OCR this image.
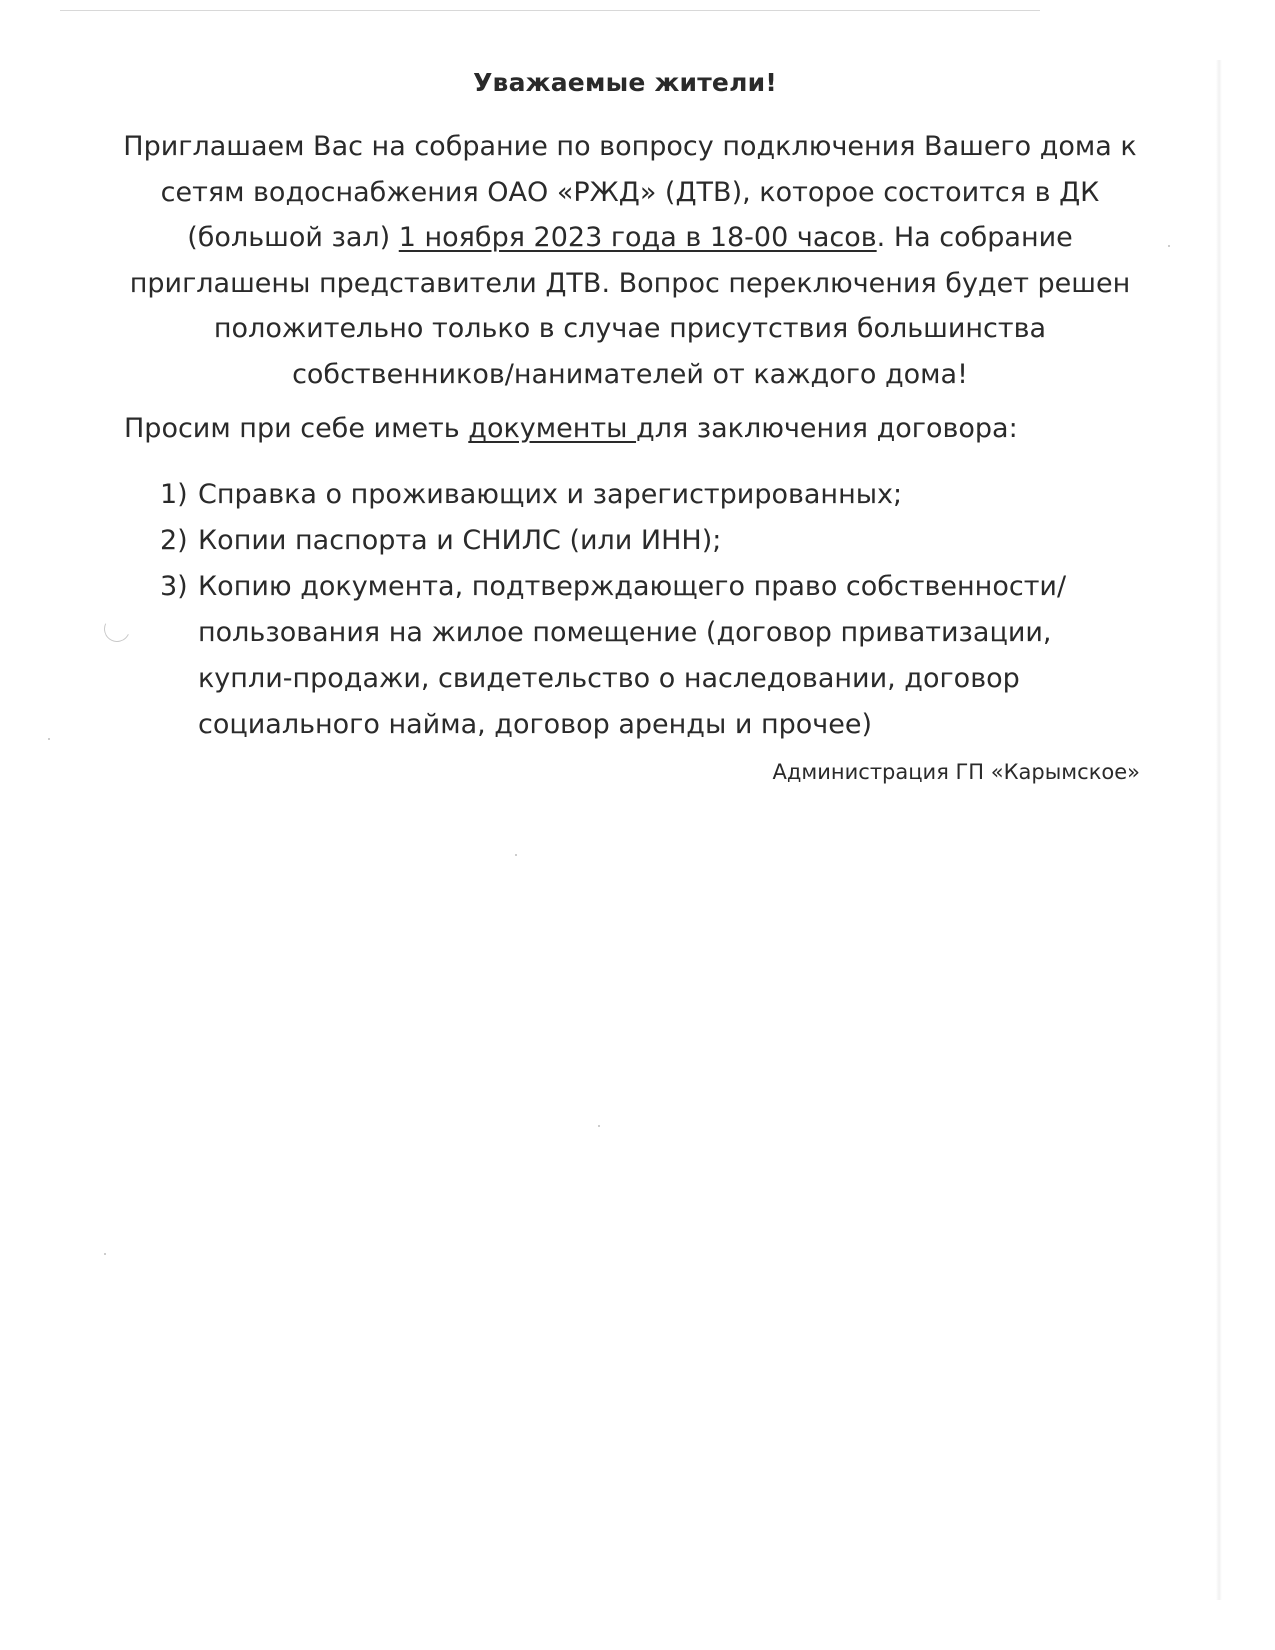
Уважаемые жители!
Приглашаем Вас на собрание по вопросу подключения Вашего дома к сетям водоснабжения ОАО «РЖД» (ДТВ), которое состоится в ДК (большой зал) 1 ноября 2023 года в 18-00 часов. На собрание приглашены представители ДТВ. Вопрос переключения будет решен положительно только в случае присутствия большинства собственников/нанимателей от каждого дома!
Просим при себе иметь документы для заключения договора:
1) Справка о проживающих и зарегистрированных;
2) Копии паспорта и СНИЛС (или ИНН);
3) Копию документа, подтверждающего право собственности/пользования на жилое помещение (договор приватизации, купли-продажи, свидетельство о наследовании, договор социального найма, договор аренды и прочее)
Администрация ГП «Карымское»
